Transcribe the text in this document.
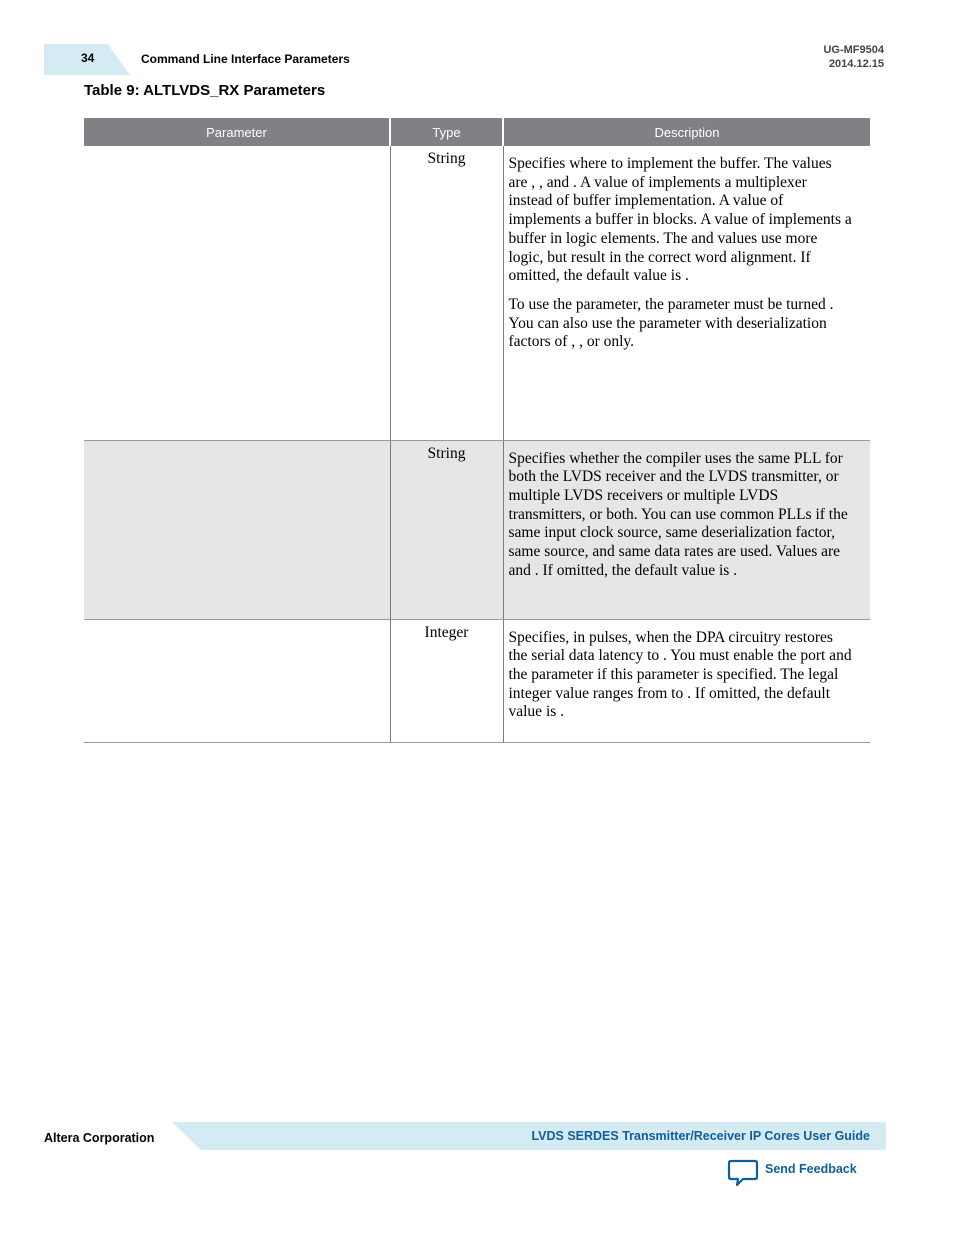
34	Command Line Interface Parameters
UG-MF9504
2014.12.15
Table 9: ALTLVDS_RX Parameters
Parameter	Type	Description
	String	Specifies where to implement the buffer. The values are , , and . A value of implements a multiplexer instead of buffer implementation. A value of implements a buffer in blocks. A value of implements a buffer in logic elements. The and values use more logic, but result in the correct word alignment. If omitted, the default value is .

To use the parameter, the parameter must be turned . You can also use the parameter with deserialization factors of , , or only.

	String	Specifies whether the compiler uses the same PLL for both the LVDS receiver and the LVDS transmitter, or multiple LVDS receivers or multiple LVDS transmitters, or both. You can use common PLLs if the same input clock source, same deserialization factor, same source, and same data rates are used. Values are and . If omitted, the default value is .

	Integer	Specifies, in pulses, when the DPA circuitry restores the serial data latency to . You must enable the port and the parameter if this parameter is specified. The legal integer value ranges from to . If omitted, the default value is .

Altera Corporation	LVDS SERDES Transmitter/Receiver IP Cores User Guide
Send Feedback
